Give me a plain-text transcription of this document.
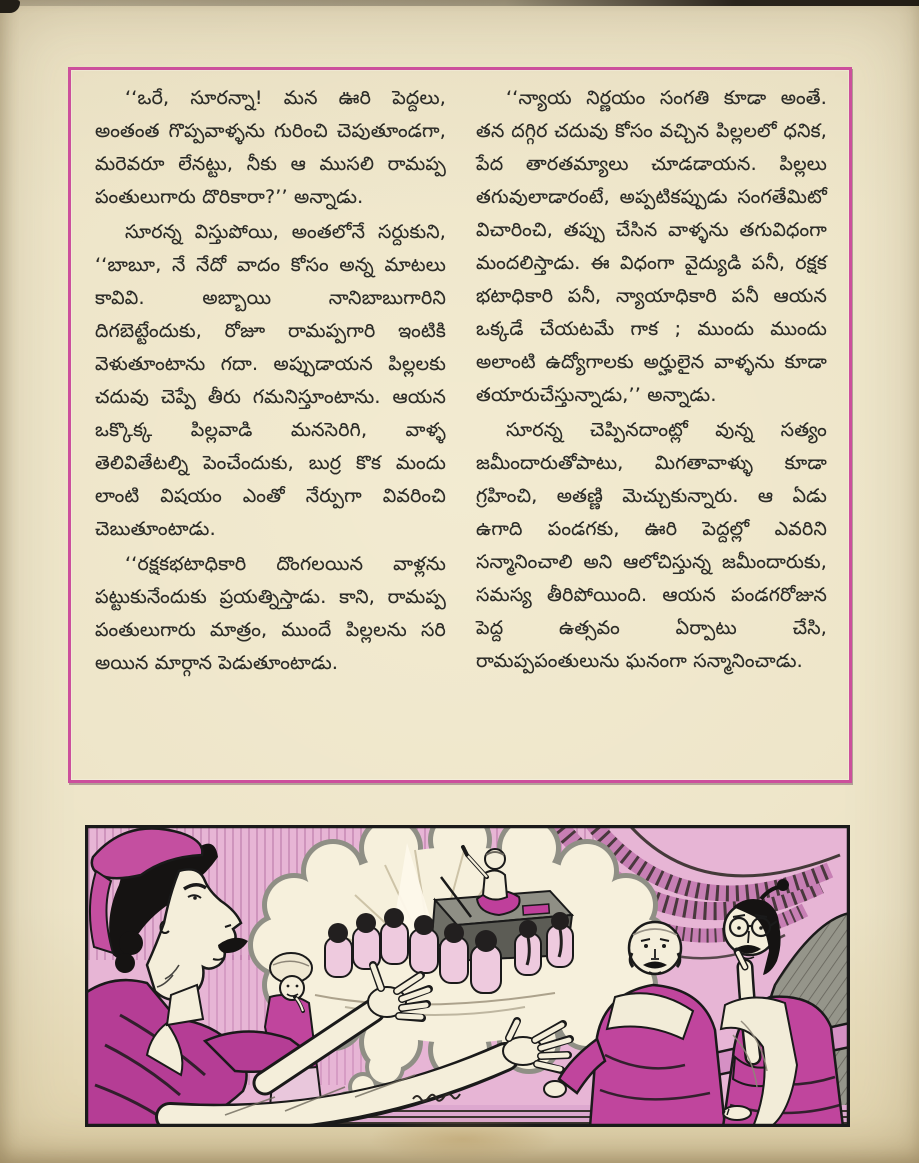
‘‘ఒరే, సూరన్నా! మన ఊరి పెద్దలు, అంతంత గొప్పవాళ్ళను గురించి చెపుతూండగా, మరెవరూ లేనట్టు, నీకు ఆ ముసలి రామప్ప పంతులుగారు దొరికారా?’’ అన్నాడు.

సూరన్న విస్తుపోయి, అంతలోనే సర్దుకుని, ‘‘బాబూ, నే నేదో వాదం కోసం అన్న మాటలు కావివి. అబ్బాయి నానిబాబుగారిని దిగబెట్టేందుకు, రోజూ రామప్పగారి ఇంటికి వెళుతూంటాను గదా. అప్పుడాయన పిల్లలకు చదువు చెప్పే తీరు గమనిస్తూంటాను. ఆయన ఒక్కొక్క పిల్లవాడి మనసెరిగి, వాళ్ళ తెలివితేటల్ని పెంచేందుకు, బుర్ర కొక మందు లాంటి విషయం ఎంతో నేర్పుగా వివరించి చెబుతూంటాడు.

‘‘రక్షకభటాధికారి దొంగలయిన వాళ్లను పట్టుకునేందుకు ప్రయత్నిస్తాడు. కాని, రామప్ప పంతులుగారు మాత్రం, ముందే పిల్లలను సరి అయిన మార్గాన పెడుతూంటాడు.

‘‘న్యాయ నిర్ణయం సంగతి కూడా అంతే. తన దగ్గిర చదువు కోసం వచ్చిన పిల్లలలో ధనిక, పేద తారతమ్యాలు చూడడాయన. పిల్లలు తగువులాడారంటే, అప్పటికప్పుడు సంగతేమిటో విచారించి, తప్పు చేసిన వాళ్ళను తగువిధంగా మందలిస్తాడు. ఈ విధంగా వైద్యుడి పనీ, రక్షక భటాధికారి పనీ, న్యాయాధికారి పనీ ఆయన ఒక్కడే చేయటమే గాక ; ముందు ముందు అలాంటి ఉద్యోగాలకు అర్హులైన వాళ్ళను కూడా తయారుచేస్తున్నాడు,’’ అన్నాడు.

సూరన్న చెప్పినదాంట్లో వున్న సత్యం జమీందారుతోపాటు, మిగతావాళ్ళు కూడా గ్రహించి, అతణ్ణి మెచ్చుకున్నారు. ఆ ఏడు ఉగాది పండగకు, ఊరి పెద్దల్లో ఎవరిని సన్మానించాలి అని ఆలోచిస్తున్న జమీందారుకు, సమస్య తీరిపోయింది. ఆయన పండగరోజున పెద్ద ఉత్సవం ఏర్పాటు చేసి, రామప్పపంతులును ఘనంగా సన్మానించాడు.
